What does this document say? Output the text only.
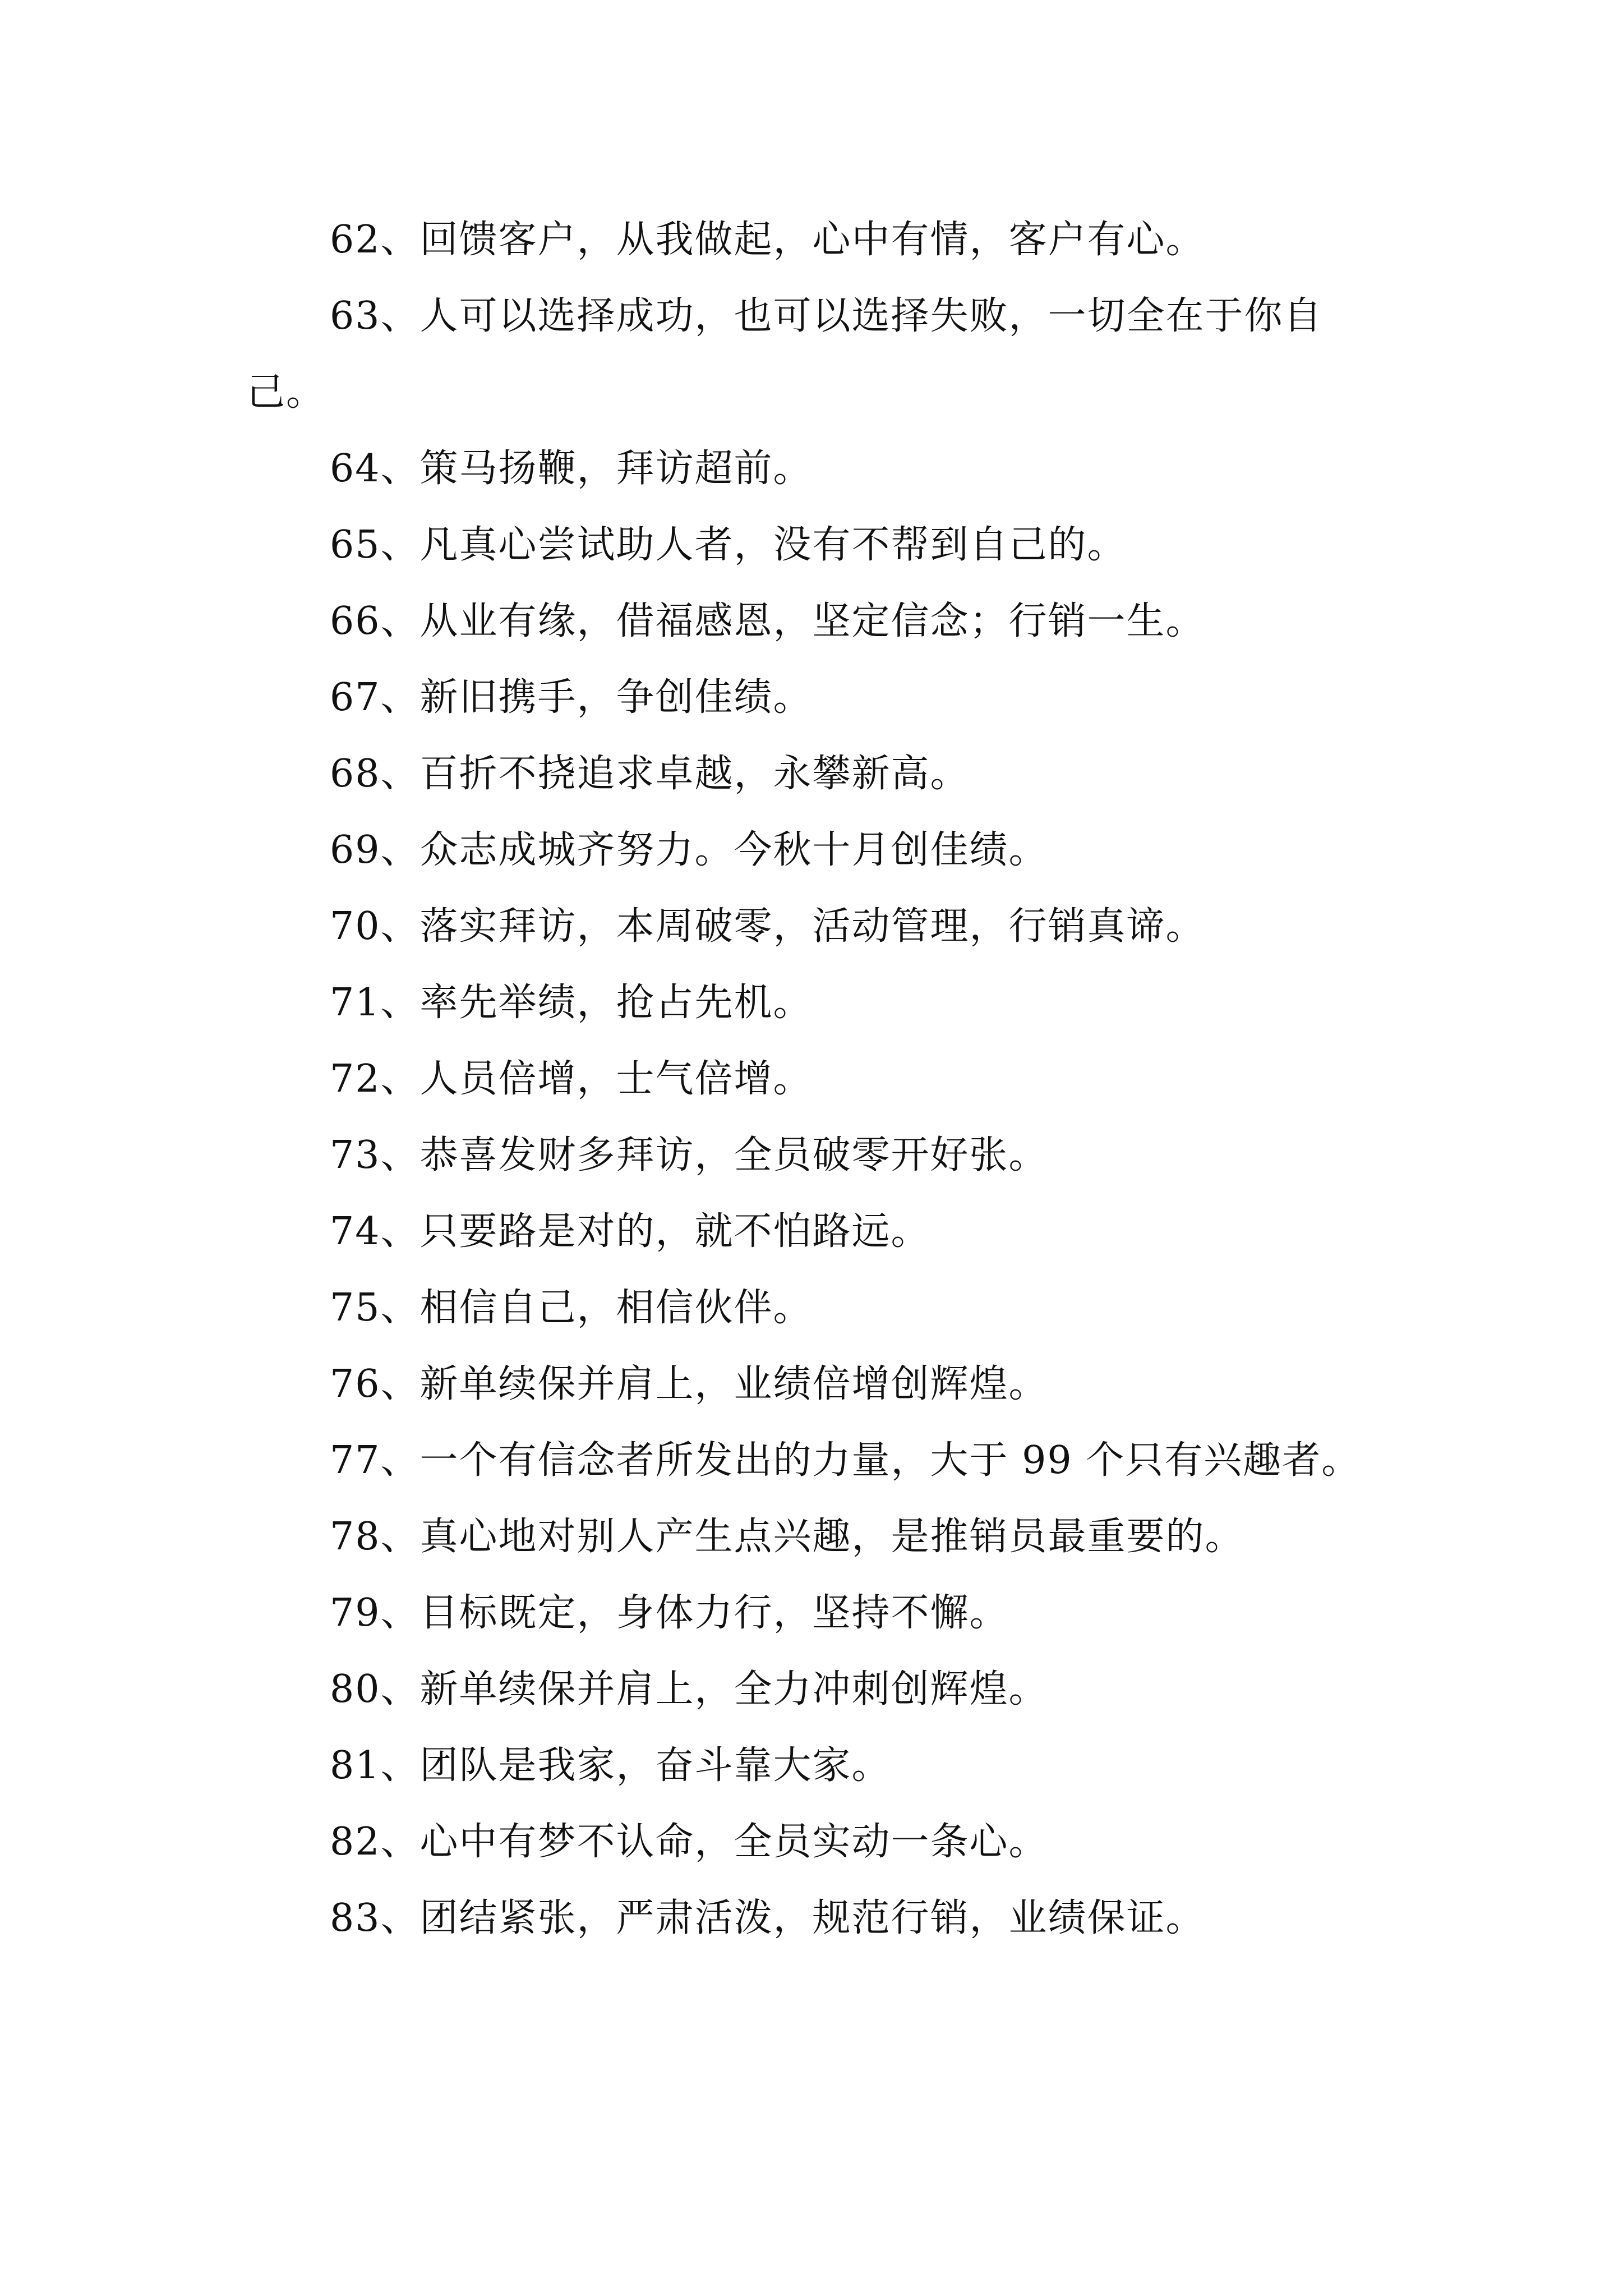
62、回馈客户，从我做起，心中有情，客户有心。

63、人可以选择成功，也可以选择失败，一切全在于你自己。

64、策马扬鞭，拜访超前。

65、凡真心尝试助人者，没有不帮到自己的。

66、从业有缘，借福感恩，坚定信念；行销一生。

67、新旧携手，争创佳绩。

68、百折不挠追求卓越，永攀新高。

69、众志成城齐努力。今秋十月创佳绩。

70、落实拜访，本周破零，活动管理，行销真谛。

71、率先举绩，抢占先机。

72、人员倍增，士气倍增。

73、恭喜发财多拜访，全员破零开好张。

74、只要路是对的，就不怕路远。

75、相信自己，相信伙伴。

76、新单续保并肩上，业绩倍增创辉煌。

77、一个有信念者所发出的力量，大于 99 个只有兴趣者。

78、真心地对别人产生点兴趣，是推销员最重要的。

79、目标既定，身体力行，坚持不懈。

80、新单续保并肩上，全力冲刺创辉煌。

81、团队是我家，奋斗靠大家。

82、心中有梦不认命，全员实动一条心。

83、团结紧张，严肃活泼，规范行销，业绩保证。
